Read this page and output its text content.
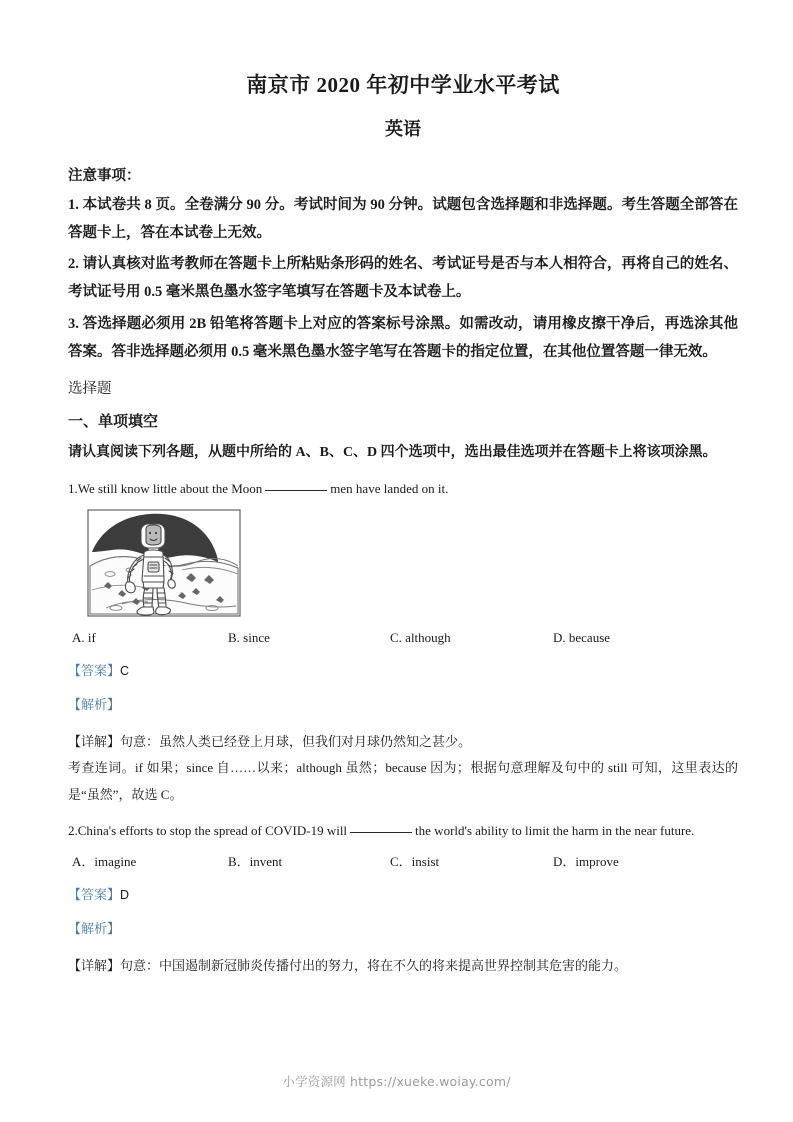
南京市 2020 年初中学业水平考试
英语
注意事项：

1. 本试卷共 8 页。全卷满分 90 分。考试时间为 90 分钟。试题包含选择题和非选择题。考生答题全部答在答题卡上，答在本试卷上无效。

2. 请认真核对监考教师在答题卡上所粘贴条形码的姓名、考试证号是否与本人相符合，再将自己的姓名、考试证号用 0.5 毫米黑色墨水签字笔填写在答题卡及本试卷上。

3. 答选择题必须用 2B 铅笔将答题卡上对应的答案标号涂黑。如需改动，请用橡皮擦干净后，再选涂其他答案。答非选择题必须用 0.5 毫米黑色墨水签字笔写在答题卡的指定位置，在其他位置答题一律无效。

选择题
一、单项填空
请认真阅读下列各题，从题中所给的 A、B、C、D 四个选项中，选出最佳选项并在答题卡上将该项涂黑。

1.We still know little about the Moon	men have landed on it.

A. if	B. since	C. although	D. because

【答案】C

【解析】

【详解】句意：虽然人类已经登上月球，但我们对月球仍然知之甚少。

考查连词。if 如果；since 自……以来；although 虽然；because 因为；根据句意理解及句中的 still 可知，这里表达的是“虽然”，故选 C。

2.China's efforts to stop the spread of COVID-19 will	the world's ability to limit the harm in the near future.

A．imagine	B．invent	C．insist	D．improve

【答案】D

【解析】

【详解】句意：中国遏制新冠肺炎传播付出的努力，将在不久的将来提高世界控制其危害的能力。

小学资源网 https://xueke.woiay.com/
